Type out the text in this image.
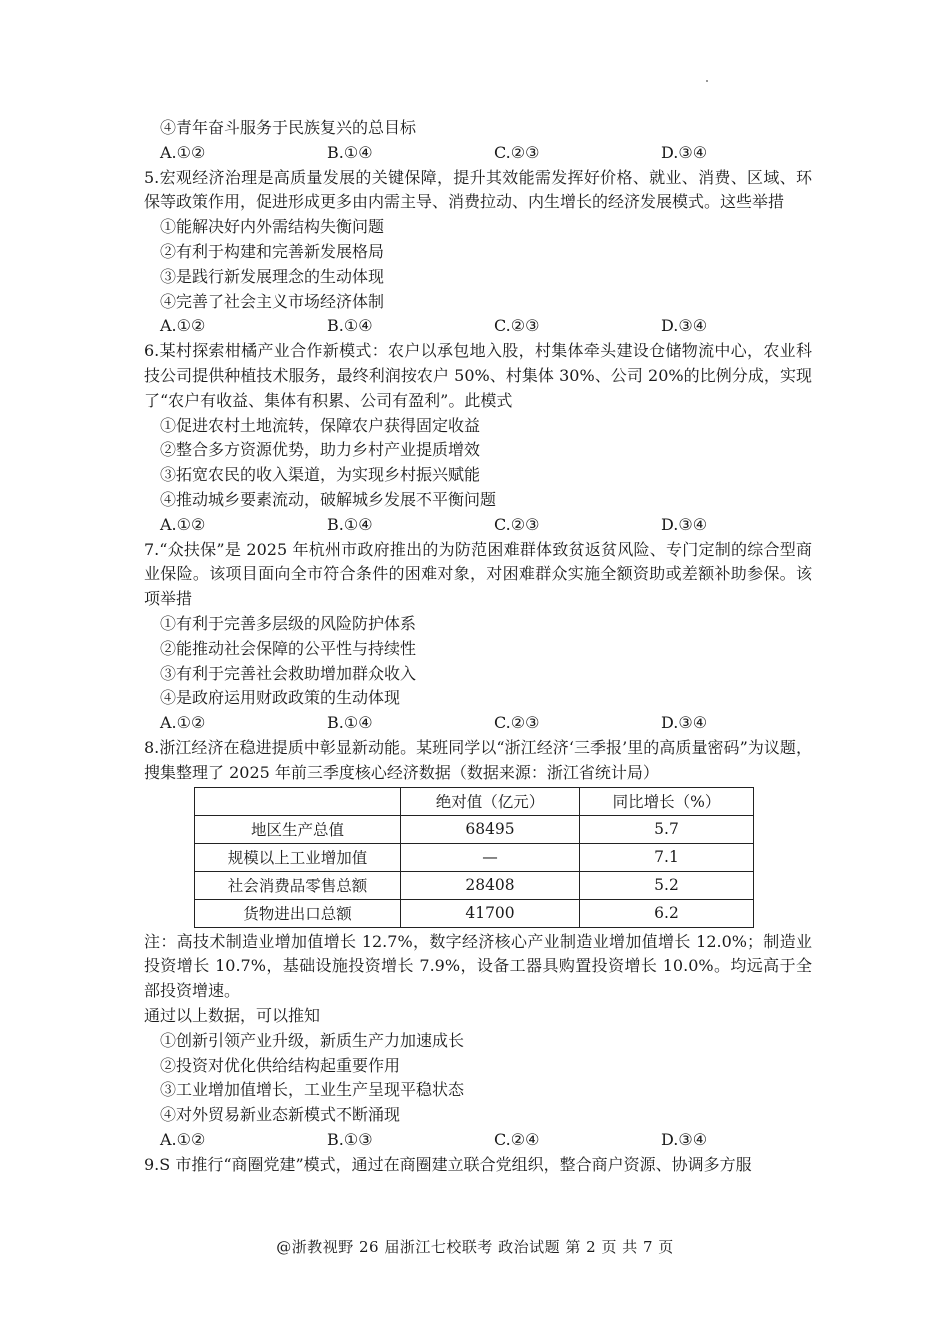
④青年奋斗服务于民族复兴的总目标
A.①②	B.①④	C.②③	D.③④
5.宏观经济治理是高质量发展的关键保障，提升其效能需发挥好价格、就业、消费、区域、环保等政策作用，促进形成更多由内需主导、消费拉动、内生增长的经济发展模式。这些举措
①能解决好内外需结构失衡问题
②有利于构建和完善新发展格局
③是践行新发展理念的生动体现
④完善了社会主义市场经济体制
A.①②	B.①④	C.②③	D.③④
6.某村探索柑橘产业合作新模式：农户以承包地入股，村集体牵头建设仓储物流中心，农业科技公司提供种植技术服务，最终利润按农户 50%、村集体 30%、公司 20%的比例分成，实现了“农户有收益、集体有积累、公司有盈利”。此模式
①促进农村土地流转，保障农户获得固定收益
②整合多方资源优势，助力乡村产业提质增效
③拓宽农民的收入渠道，为实现乡村振兴赋能
④推动城乡要素流动，破解城乡发展不平衡问题
A.①②	B.①④	C.②③	D.③④
7.“众扶保”是 2025 年杭州市政府推出的为防范困难群体致贫返贫风险、专门定制的综合型商业保险。该项目面向全市符合条件的困难对象，对困难群众实施全额资助或差额补助参保。该项举措
①有利于完善多层级的风险防护体系
②能推动社会保障的公平性与持续性
③有利于完善社会救助增加群众收入
④是政府运用财政政策的生动体现
A.①②	B.①④	C.②③	D.③④
8.浙江经济在稳进提质中彰显新动能。某班同学以“浙江经济‘三季报’里的高质量密码”为议题，搜集整理了 2025 年前三季度核心经济数据（数据来源：浙江省统计局）
	绝对值（亿元）	同比增长（%）
地区生产总值	68495	5.7
规模以上工业增加值	—	7.1
社会消费品零售总额	28408	5.2
货物进出口总额	41700	6.2
注：高技术制造业增加值增长 12.7%，数字经济核心产业制造业增加值增长 12.0%；制造业投资增长 10.7%，基础设施投资增长 7.9%，设备工器具购置投资增长 10.0%。均远高于全部投资增速。
通过以上数据，可以推知
①创新引领产业升级，新质生产力加速成长
②投资对优化供给结构起重要作用
③工业增加值增长，工业生产呈现平稳状态
④对外贸易新业态新模式不断涌现
A.①②	B.①③	C.②④	D.③④
9.S 市推行“商圈党建”模式，通过在商圈建立联合党组织，整合商户资源、协调多方服
@浙教视野 26 届浙江七校联考 政治试题 第 2 页 共 7 页
